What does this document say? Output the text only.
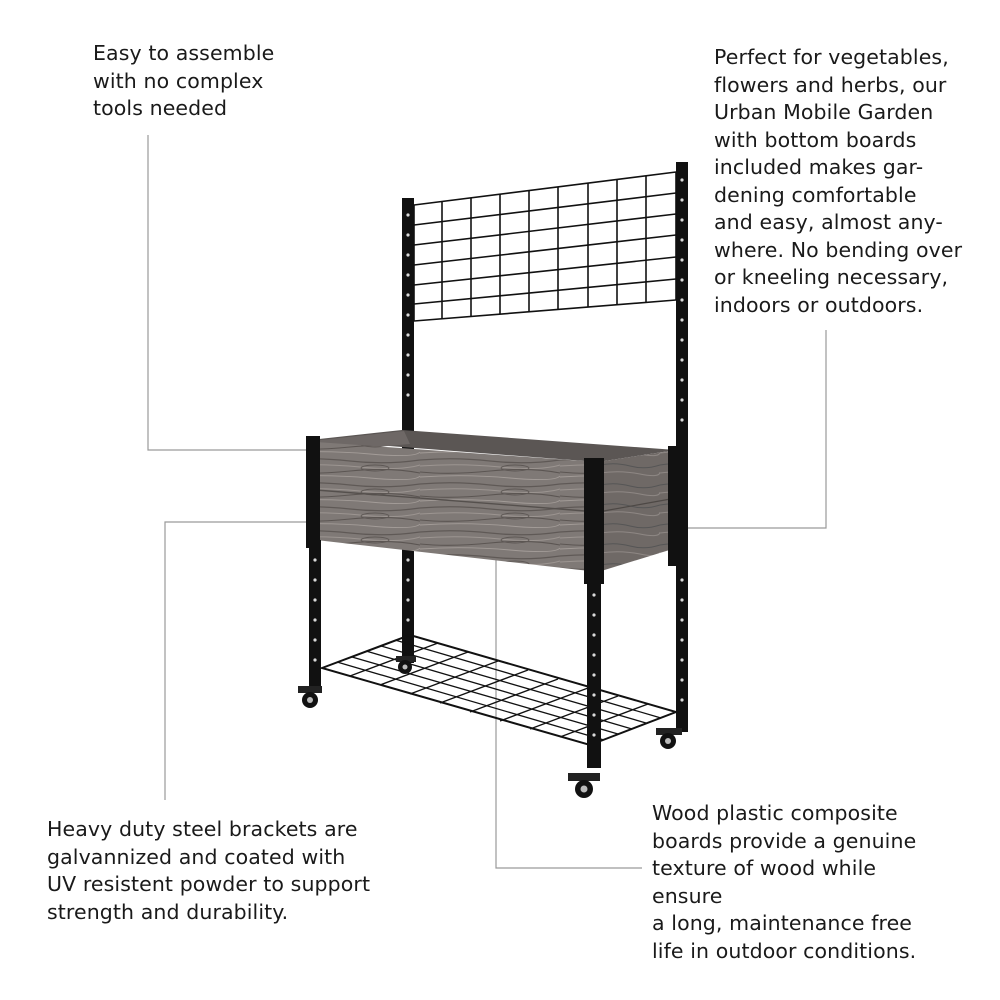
Easy to assemble
with no complex
tools needed

Perfect for vegetables,
flowers and herbs, our
Urban Mobile Garden
with bottom boards
included makes gar-
dening comfortable
and easy, almost any-
where. No bending over
or kneeling necessary,
indoors or outdoors.

Heavy duty steel brackets are
galvannized and coated with
UV resistent powder to support
strength and durability.

Wood plastic composite
boards provide a genuine
texture of wood while ensure
a long, maintenance free
life in outdoor conditions.
